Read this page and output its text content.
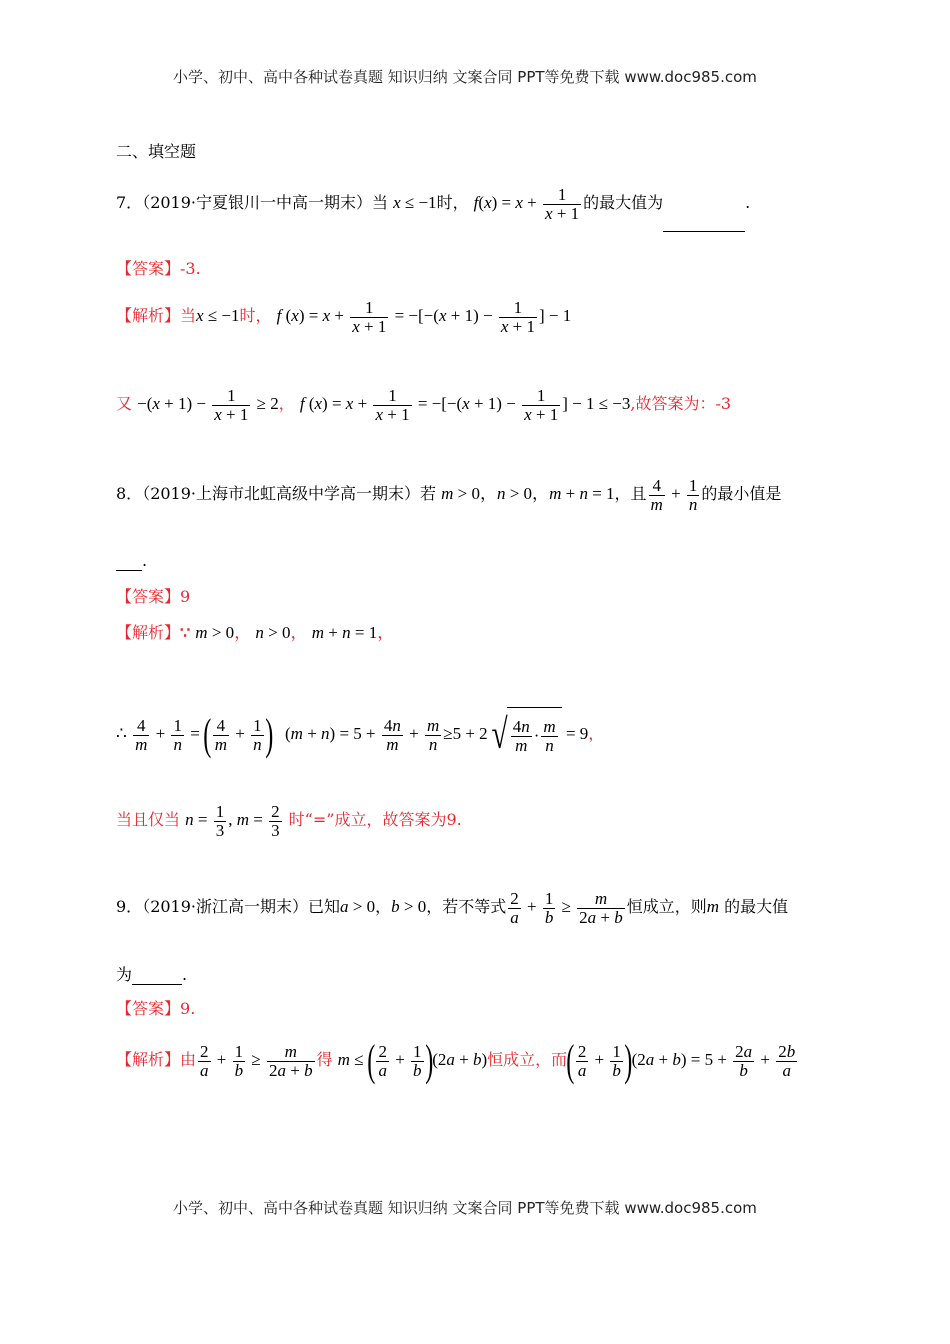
小学、初中、高中各种试卷真题 知识归纳 文案合同 PPT等免费下载 www.doc985.com
二、填空题
7．（2019·宁夏银川一中高一期末）当 x ≤ −1时， $f(x) = x + \frac{1}{x + 1}$ 的最大值为	.
【答案】-3.
【解析】当x ≤ −1时， f $(x) = x + \frac{1}{x + 1} = -[-(x + 1) - \frac{1}{x + 1}$ ] − 1
又 $-(x + 1) - \frac{1}{x + 1} \ge 2$， f $(x) = x + \frac{1}{x + 1} = -[-(x + 1) - \frac{1}{x + 1}$ ] − 1 ≤ −3,故答案为：-3
8．（2019·上海市北虹高级中学高一期末）若 m > 0，n > 0，m + n = 1，且 $\frac{4}{m} + \frac{1}{n}$ 的最小值是
.
【答案】9
【解析】∵ m > 0， n > 0， m + n = 1，
∴ $\frac{4}{m} + \frac{1}{n}$ = ( $\frac{4}{m} + \frac{1}{n}$ )   $(m + n) = 5 + \frac{4n}{m} + \frac{m}{n} \ge 5 + 2√ \frac{4n}{m} \cdot \frac{m}{n} = 9$，
当且仅当 $n = \frac{1}{3}$ , $m = \frac{2}{3}$ 时“=”成立，故答案为9.
9．（2019·浙江高一期末）已知a > 0，b > 0，若不等式 $\frac{2}{a} + \frac{1}{b} \ge \frac{m}{2a + b}$ 恒成立，则m 的最大值
为	.
【答案】9.
【解析】由 $\frac{2}{a} + \frac{1}{b} \ge \frac{m}{2a + b}$ 得 m ≤ ( $\frac{2}{a} + \frac{1}{b} )(2a + b)$恒成立，而( $\frac{2}{a} + \frac{1}{b} )(2a + b) = 5 + \frac{2a}{b} + \frac{2b}{a}$
小学、初中、高中各种试卷真题 知识归纳 文案合同 PPT等免费下载 www.doc985.com
